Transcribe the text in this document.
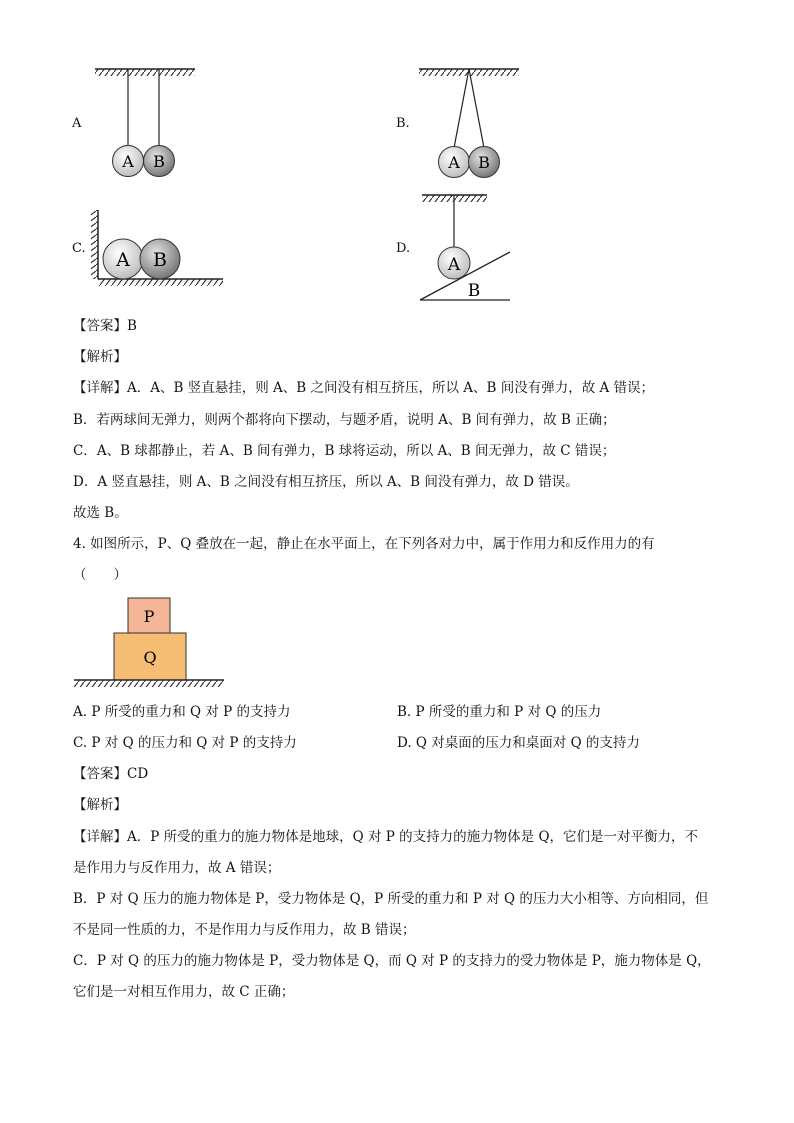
A
A B
B.
A B
C.
A B
D.
A
B
【答案】B
【解析】
【详解】A．A、B 竖直悬挂，则 A、B 之间没有相互挤压，所以 A、B 间没有弹力，故 A 错误；
B．若两球间无弹力，则两个都将向下摆动，与题矛盾，说明 A、B 间有弹力，故 B 正确；
C．A、B 球都静止，若 A、B 间有弹力，B 球将运动，所以 A、B 间无弹力，故 C 错误；
D．A 竖直悬挂，则 A、B 之间没有相互挤压，所以 A、B 间没有弹力，故 D 错误。
故选 B。
4. 如图所示，P、Q 叠放在一起，静止在水平面上，在下列各对力中，属于作用力和反作用力的有
（　　）
P
Q
A. P 所受的重力和 Q 对 P 的支持力	B. P 所受的重力和 P 对 Q 的压力
C. P 对 Q 的压力和 Q 对 P 的支持力	D. Q 对桌面的压力和桌面对 Q 的支持力
【答案】CD
【解析】
【详解】A．P 所受的重力的施力物体是地球，Q 对 P 的支持力的施力物体是 Q，它们是一对平衡力，不
是作用力与反作用力，故 A 错误；
B．P 对 Q 压力的施力物体是 P，受力物体是 Q，P 所受的重力和 P 对 Q 的压力大小相等、方向相同，但
不是同一性质的力，不是作用力与反作用力，故 B 错误；
C．P 对 Q 的压力的施力物体是 P，受力物体是 Q，而 Q 对 P 的支持力的受力物体是 P，施力物体是 Q，
它们是一对相互作用力，故 C 正确；
